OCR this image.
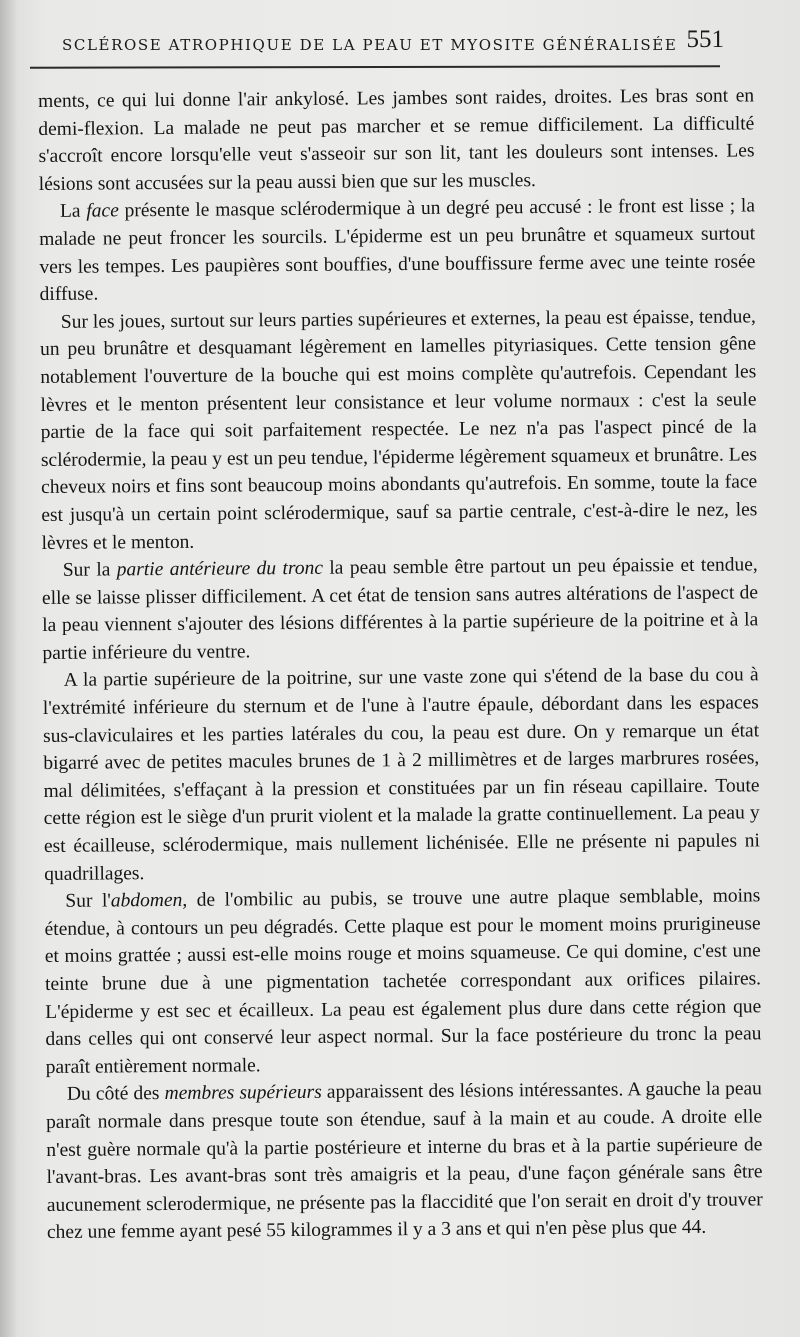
SCLÉROSE ATROPHIQUE DE LA PEAU ET MYOSITE GÉNÉRALISÉE 551

ments, ce qui lui donne l'air ankylosé. Les jambes sont raides, droites. Les bras sont en demi-flexion. La malade ne peut pas marcher et se remue difficilement. La difficulté s'accroît encore lorsqu'elle veut s'asseoir sur son lit, tant les douleurs sont intenses. Les lésions sont accusées sur la peau aussi bien que sur les muscles.

La face présente le masque sclérodermique à un degré peu accusé : le front est lisse ; la malade ne peut froncer les sourcils. L'épiderme est un peu brunâtre et squameux surtout vers les tempes. Les paupières sont bouffies, d'une bouffissure ferme avec une teinte rosée diffuse.

Sur les joues, surtout sur leurs parties supérieures et externes, la peau est épaisse, tendue, un peu brunâtre et desquamant légèrement en lamelles pityriasiques. Cette tension gêne notablement l'ouverture de la bouche qui est moins complète qu'autrefois. Cependant les lèvres et le menton présentent leur consistance et leur volume normaux : c'est la seule partie de la face qui soit parfaitement respectée. Le nez n'a pas l'aspect pincé de la sclérodermie, la peau y est un peu tendue, l'épiderme légèrement squameux et brunâtre. Les cheveux noirs et fins sont beaucoup moins abondants qu'autrefois. En somme, toute la face est jusqu'à un certain point sclérodermique, sauf sa partie centrale, c'est-à-dire le nez, les lèvres et le menton.

Sur la partie antérieure du tronc la peau semble être partout un peu épaissie et tendue, elle se laisse plisser difficilement. A cet état de tension sans autres altérations de l'aspect de la peau viennent s'ajouter des lésions différentes à la partie supérieure de la poitrine et à la partie inférieure du ventre.

A la partie supérieure de la poitrine, sur une vaste zone qui s'étend de la base du cou à l'extrémité inférieure du sternum et de l'une à l'autre épaule, débordant dans les espaces sus-claviculaires et les parties latérales du cou, la peau est dure. On y remarque un état bigarré avec de petites macules brunes de 1 à 2 millimètres et de larges marbrures rosées, mal délimitées, s'effaçant à la pression et constituées par un fin réseau capillaire. Toute cette région est le siège d'un prurit violent et la malade la gratte continuellement. La peau y est écailleuse, sclérodermique, mais nullement lichénisée. Elle ne présente ni papules ni quadrillages.

Sur l'abdomen, de l'ombilic au pubis, se trouve une autre plaque semblable, moins étendue, à contours un peu dégradés. Cette plaque est pour le moment moins prurigineuse et moins grattée ; aussi est-elle moins rouge et moins squameuse. Ce qui domine, c'est une teinte brune due à une pigmentation tachetée correspondant aux orifices pilaires. L'épiderme y est sec et écailleux. La peau est également plus dure dans cette région que dans celles qui ont conservé leur aspect normal. Sur la face postérieure du tronc la peau paraît entièrement normale.

Du côté des membres supérieurs apparaissent des lésions intéressantes. A gauche la peau paraît normale dans presque toute son étendue, sauf à la main et au coude. A droite elle n'est guère normale qu'à la partie postérieure et interne du bras et à la partie supérieure de l'avant-bras. Les avant-bras sont très amaigris et la peau, d'une façon générale sans être aucunement sclerodermique, ne présente pas la flaccidité que l'on serait en droit d'y trouver chez une femme ayant pesé 55 kilogrammes il y a 3 ans et qui n'en pèse plus que 44.
